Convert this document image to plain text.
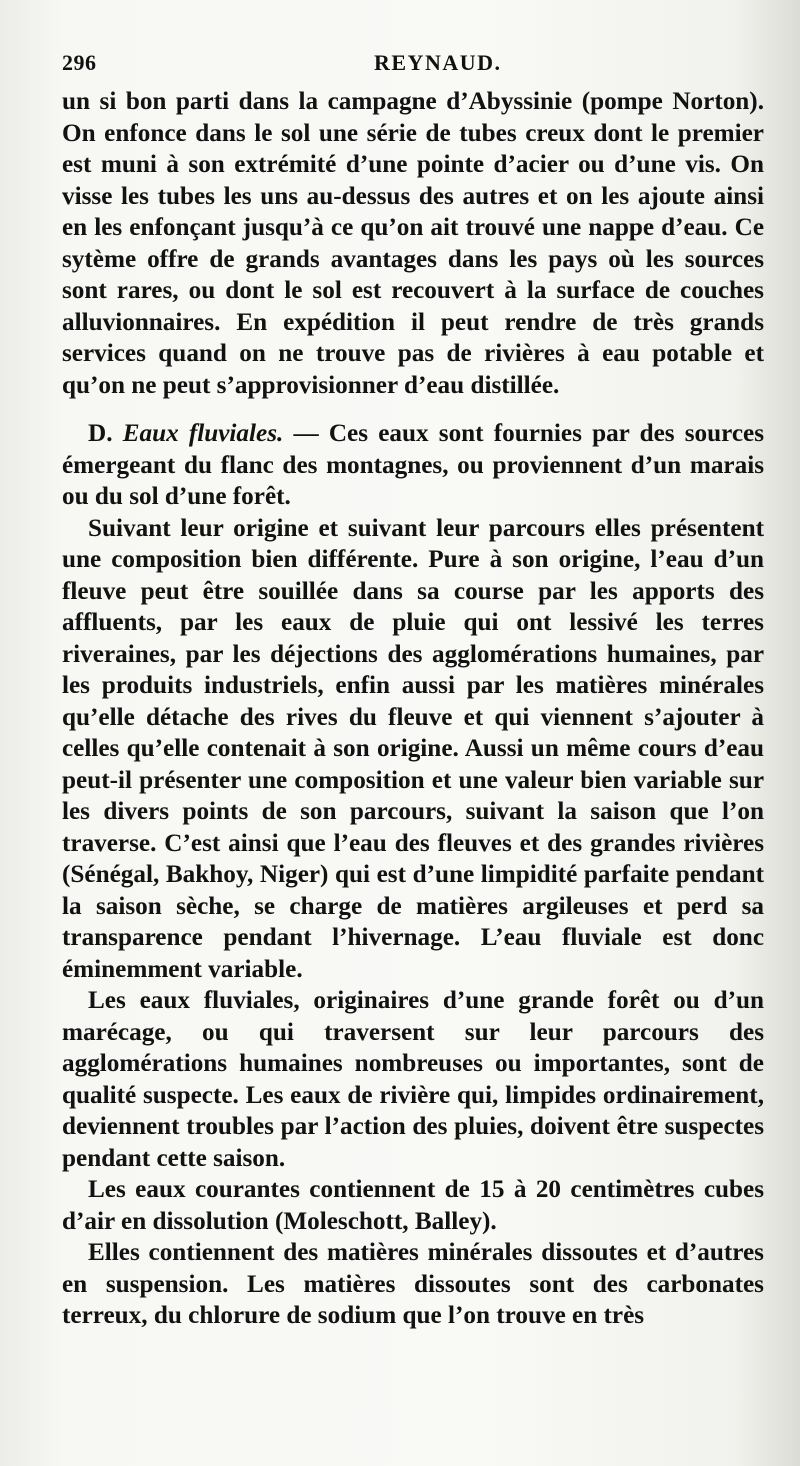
296	REYNAUD.

un si bon parti dans la campagne d’Abyssinie (pompe Norton). On enfonce dans le sol une série de tubes creux dont le premier est muni à son extrémité d’une pointe d’acier ou d’une vis. On visse les tubes les uns au-dessus des autres et on les ajoute ainsi en les enfonçant jusqu’à ce qu’on ait trouvé une nappe d’eau. Ce sytème offre de grands avantages dans les pays où les sources sont rares, ou dont le sol est recouvert à la surface de couches alluvionnaires. En expédition il peut rendre de très grands services quand on ne trouve pas de rivières à eau potable et qu’on ne peut s’approvisionner d’eau distillée.

D. Eaux fluviales. — Ces eaux sont fournies par des sources émergeant du flanc des montagnes, ou proviennent d’un marais ou du sol d’une forêt.

Suivant leur origine et suivant leur parcours elles présentent une composition bien différente. Pure à son origine, l’eau d’un fleuve peut être souillée dans sa course par les apports des affluents, par les eaux de pluie qui ont lessivé les terres riveraines, par les déjections des agglomérations humaines, par les produits industriels, enfin aussi par les matières minérales qu’elle détache des rives du fleuve et qui viennent s’ajouter à celles qu’elle contenait à son origine. Aussi un même cours d’eau peut-il présenter une composition et une valeur bien variable sur les divers points de son parcours, suivant la saison que l’on traverse. C’est ainsi que l’eau des fleuves et des grandes rivières (Sénégal, Bakhoy, Niger) qui est d’une limpidité parfaite pendant la saison sèche, se charge de matières argileuses et perd sa transparence pendant l’hivernage. L’eau fluviale est donc éminemment variable.

Les eaux fluviales, originaires d’une grande forêt ou d’un marécage, ou qui traversent sur leur parcours des agglomérations humaines nombreuses ou importantes, sont de qualité suspecte. Les eaux de rivière qui, limpides ordinairement, deviennent troubles par l’action des pluies, doivent être suspectes pendant cette saison.

Les eaux courantes contiennent de 15 à 20 centimètres cubes d’air en dissolution (Moleschott, Balley).

Elles contiennent des matières minérales dissoutes et d’autres en suspension. Les matières dissoutes sont des carbonates terreux, du chlorure de sodium que l’on trouve en très
